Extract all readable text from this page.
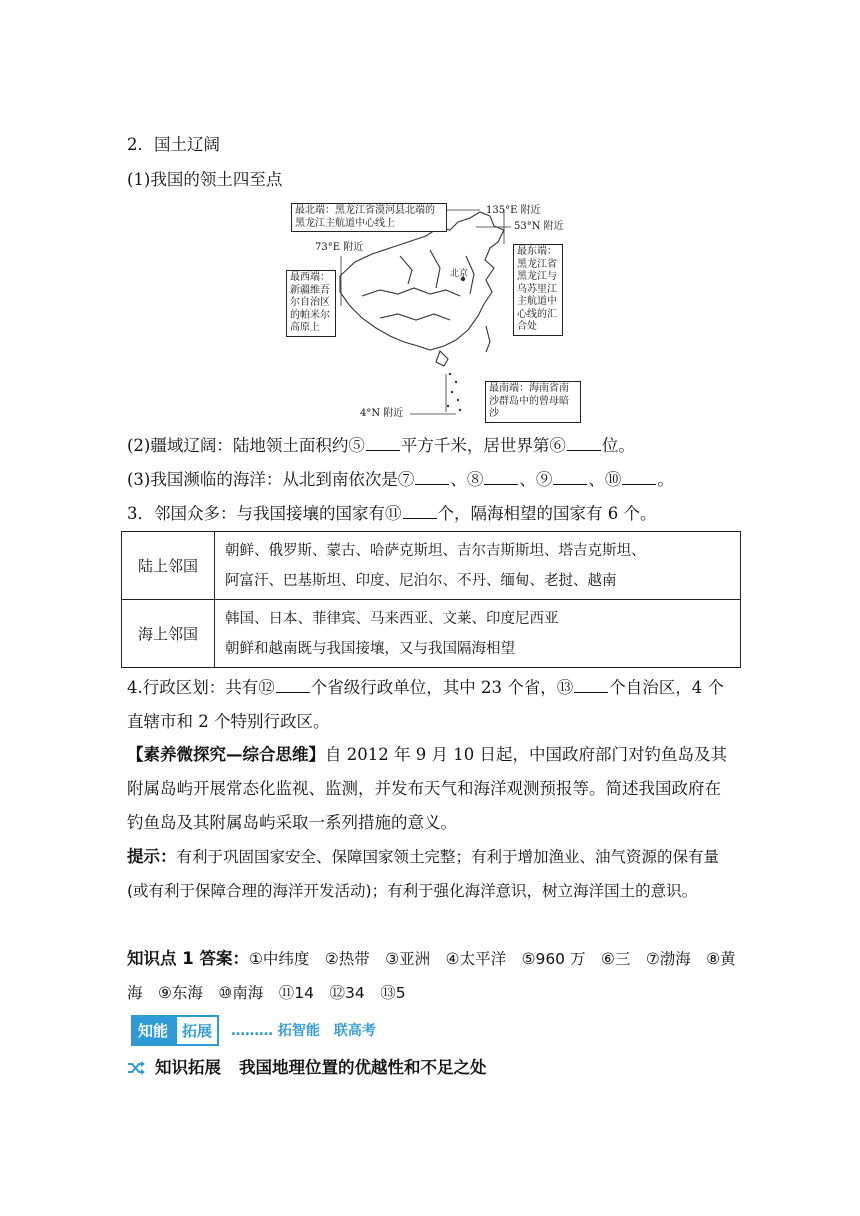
2．国土辽阔
(1)我国的领土四至点
最北端：黑龙江省漠河县北端的黑龙江主航道中心线上
135°E 附近
53°N 附近
73°E 附近
北京
最西端：新疆维吾尔自治区的帕米尔高原上
最东端：黑龙江省黑龙江与乌苏里江主航道中心线的汇合处
最南端：海南省南沙群岛中的曾母暗沙
4°N 附近
(2)疆域辽阔：陆地领土面积约⑤ 平方千米，居世界第⑥ 位。
(3)我国濒临的海洋：从北到南依次是⑦ 、⑧ 、⑨ 、⑩ 。
3．邻国众多：与我国接壤的国家有⑪ 个，隔海相望的国家有 6 个。
陆上邻国	朝鲜、俄罗斯、蒙古、哈萨克斯坦、吉尔吉斯斯坦、塔吉克斯坦、
阿富汗、巴基斯坦、印度、尼泊尔、不丹、缅甸、老挝、越南

海上邻国	韩国、日本、菲律宾、马来西亚、文莱、印度尼西亚
朝鲜和越南既与我国接壤，又与我国隔海相望
4.行政区划：共有⑫ 个省级行政单位，其中 23 个省，⑬ 个自治区，4 个直辖市和 2 个特别行政区。
【素养微探究—综合思维】自 2012 年 9 月 10 日起，中国政府部门对钓鱼岛及其附属岛屿开展常态化监视、监测，并发布天气和海洋观测预报等。简述我国政府在钓鱼岛及其附属岛屿采取一系列措施的意义。
提示：有利于巩固国家安全、保障国家领土完整；有利于增加渔业、油气资源的保有量(或有利于保障合理的海洋开发活动)；有利于强化海洋意识，树立海洋国土的意识。
知识点 1 答案：①中纬度　②热带　③亚洲　④太平洋　⑤960 万　⑥三　⑦渤海　⑧黄海　⑨东海　⑩南海　⑪14　⑫34　⑬5
知能 拓展	……… 拓智能　联高考
知识拓展 我国地理位置的优越性和不足之处
